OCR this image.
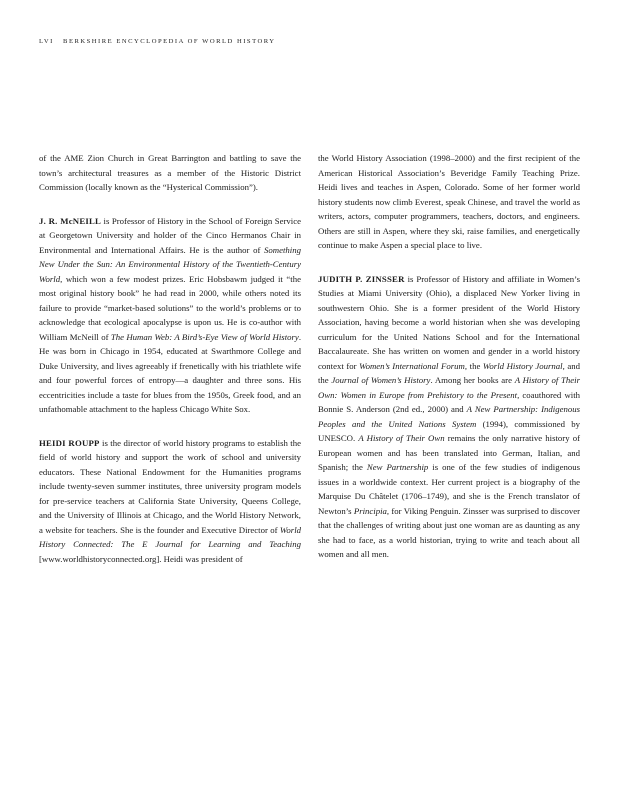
LVI BERKSHIRE ENCYCLOPEDIA OF WORLD HISTORY

of the AME Zion Church in Great Barrington and battling to save the town’s architectural treasures as a member of the Historic District Commission (locally known as the “Hysterical Commission”).

J. R. McNEILL is Professor of History in the School of Foreign Service at Georgetown University and holder of the Cinco Hermanos Chair in Environmental and International Affairs. He is the author of Something New Under the Sun: An Environmental History of the Twentieth-Century World, which won a few modest prizes. Eric Hobsbawm judged it “the most original history book” he had read in 2000, while others noted its failure to provide “market-based solutions” to the world’s problems or to acknowledge that ecological apocalypse is upon us. He is co-author with William McNeill of The Human Web: A Bird’s-Eye View of World History. He was born in Chicago in 1954, educated at Swarthmore College and Duke University, and lives agreeably if frenetically with his triathlete wife and four powerful forces of entropy—a daughter and three sons. His eccentricities include a taste for blues from the 1950s, Greek food, and an unfathomable attachment to the hapless Chicago White Sox.

HEIDI ROUPP is the director of world history programs to establish the field of world history and support the work of school and university educators. These National Endowment for the Humanities programs include twenty-seven summer institutes, three university program models for pre-service teachers at California State University, Queens College, and the University of Illinois at Chicago, and the World History Network, a website for teachers. She is the founder and Executive Director of World History Connected: The E Journal for Learning and Teaching [www.worldhistoryconnected.org]. Heidi was president of

the World History Association (1998–2000) and the first recipient of the American Historical Association’s Beveridge Family Teaching Prize. Heidi lives and teaches in Aspen, Colorado. Some of her former world history students now climb Everest, speak Chinese, and travel the world as writers, actors, computer programmers, teachers, doctors, and engineers. Others are still in Aspen, where they ski, raise families, and energetically continue to make Aspen a special place to live.

JUDITH P. ZINSSER is Professor of History and affiliate in Women’s Studies at Miami University (Ohio), a displaced New Yorker living in southwestern Ohio. She is a former president of the World History Association, having become a world historian when she was developing curriculum for the United Nations School and for the International Baccalaureate. She has written on women and gender in a world history context for Women’s International Forum, the World History Journal, and the Journal of Women’s History. Among her books are A History of Their Own: Women in Europe from Prehistory to the Present, coauthored with Bonnie S. Anderson (2nd ed., 2000) and A New Partnership: Indigenous Peoples and the United Nations System (1994), commissioned by UNESCO. A History of Their Own remains the only narrative history of European women and has been translated into German, Italian, and Spanish; the New Partnership is one of the few studies of indigenous issues in a worldwide context. Her current project is a biography of the Marquise Du Châtelet (1706–1749), and she is the French translator of Newton’s Principia, for Viking Penguin. Zinsser was surprised to discover that the challenges of writing about just one woman are as daunting as any she had to face, as a world historian, trying to write and teach about all women and all men.
